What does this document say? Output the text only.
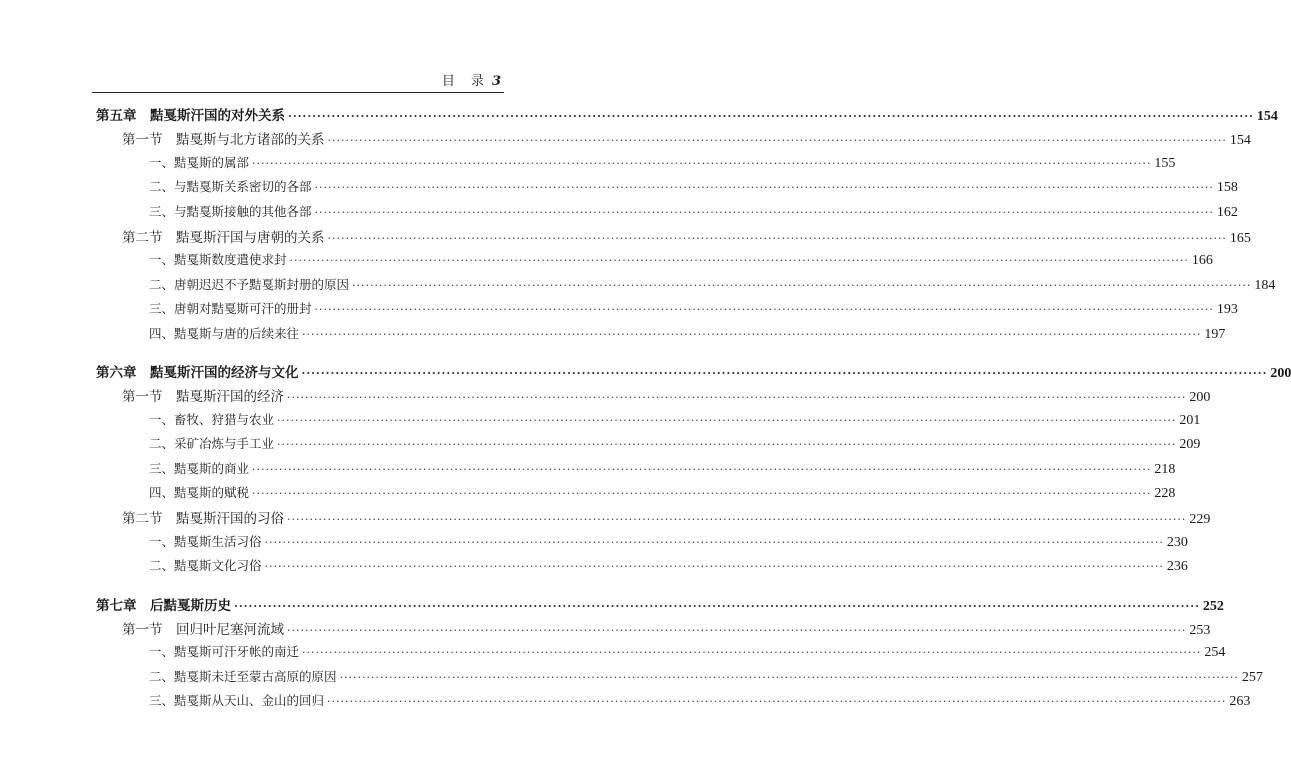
目 录 3
第五章　黠戛斯汗国的对外关系 ········································································································································································································ 154
第一节　黠戛斯与北方诸部的关系 ········································································································································································································ 154
一、黠戛斯的属部 ········································································································································································································ 155
二、与黠戛斯关系密切的各部 ········································································································································································································ 158
三、与黠戛斯接触的其他各部 ········································································································································································································ 162
第二节　黠戛斯汗国与唐朝的关系 ········································································································································································································ 165
一、黠戛斯数度遣使求封 ········································································································································································································ 166
二、唐朝迟迟不予黠戛斯封册的原因 ········································································································································································································ 184
三、唐朝对黠戛斯可汗的册封 ········································································································································································································ 193
四、黠戛斯与唐的后续来往 ········································································································································································································ 197
第六章　黠戛斯汗国的经济与文化 ········································································································································································································ 200
第一节　黠戛斯汗国的经济 ········································································································································································································ 200
一、畜牧、狩猎与农业 ········································································································································································································ 201
二、采矿冶炼与手工业 ········································································································································································································ 209
三、黠戛斯的商业 ········································································································································································································ 218
四、黠戛斯的赋税 ········································································································································································································ 228
第二节　黠戛斯汗国的习俗 ········································································································································································································ 229
一、黠戛斯生活习俗 ········································································································································································································ 230
二、黠戛斯文化习俗 ········································································································································································································ 236
第七章　后黠戛斯历史 ········································································································································································································ 252
第一节　回归叶尼塞河流域 ········································································································································································································ 253
一、黠戛斯可汗牙帐的南迁 ········································································································································································································ 254
二、黠戛斯未迁至蒙古高原的原因 ········································································································································································································ 257
三、黠戛斯从天山、金山的回归 ········································································································································································································ 263
